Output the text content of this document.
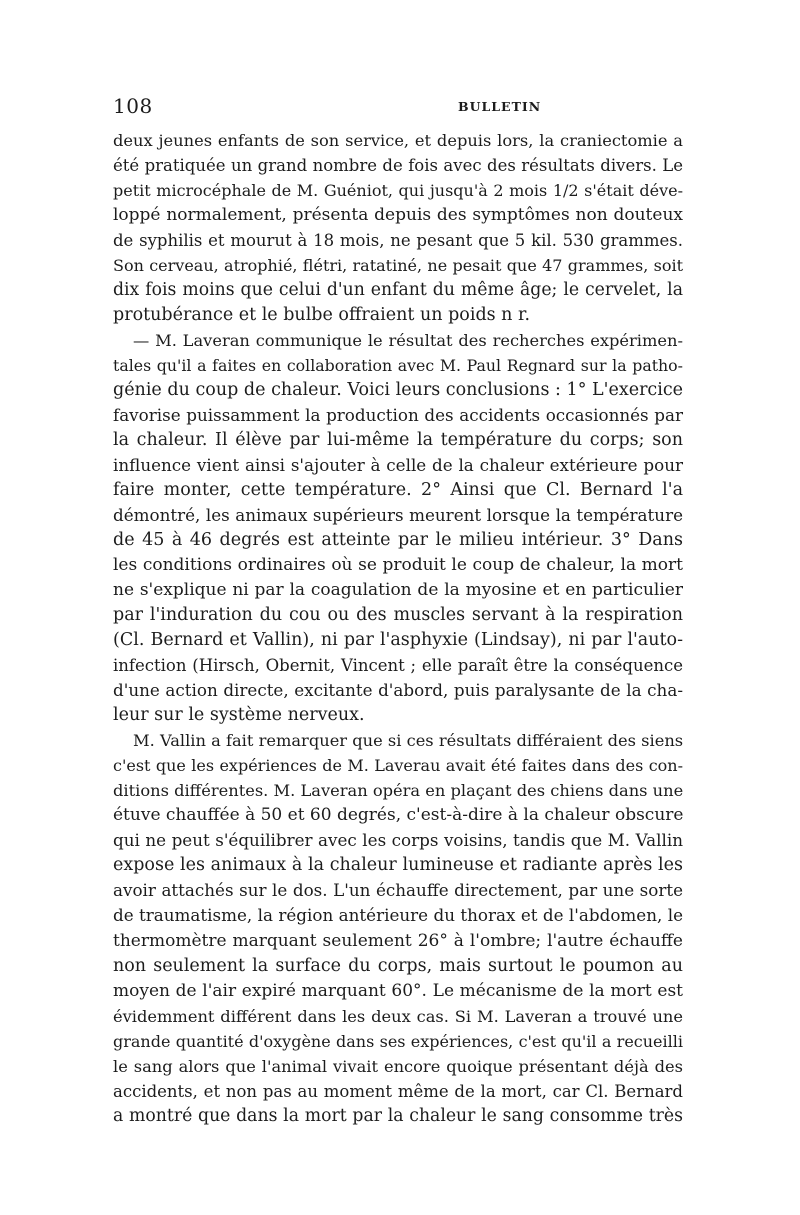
108	BULLETIN
deux jeunes enfants de son service, et depuis lors, la craniectomie a
été pratiquée un grand nombre de fois avec des résultats divers. Le
petit microcéphale de M. Guéniot, qui jusqu'à 2 mois 1/2 s'était déve-
loppé normalement, présenta depuis des symptômes non douteux
de syphilis et mourut à 18 mois, ne pesant que 5 kil. 530 grammes.
Son cerveau, atrophié, flétri, ratatiné, ne pesait que 47 grammes, soit
dix fois moins que celui d'un enfant du même âge; le cervelet, la
protubérance et le bulbe offraient un poids n r.
— M. Laveran communique le résultat des recherches expérimen-
tales qu'il a faites en collaboration avec M. Paul Regnard sur la patho-
génie du coup de chaleur. Voici leurs conclusions : 1° L'exercice
favorise puissamment la production des accidents occasionnés par
la chaleur. Il élève par lui-même la température du corps; son
influence vient ainsi s'ajouter à celle de la chaleur extérieure pour
faire monter, cette température. 2° Ainsi que Cl. Bernard l'a
démontré, les animaux supérieurs meurent lorsque la température
de 45 à 46 degrés est atteinte par le milieu intérieur. 3° Dans
les conditions ordinaires où se produit le coup de chaleur, la mort
ne s'explique ni par la coagulation de la myosine et en particulier
par l'induration du cou ou des muscles servant à la respiration
(Cl. Bernard et Vallin), ni par l'asphyxie (Lindsay), ni par l'auto-
infection (Hirsch, Obernit, Vincent ; elle paraît être la conséquence
d'une action directe, excitante d'abord, puis paralysante de la cha-
leur sur le système nerveux.
M. Vallin a fait remarquer que si ces résultats différaient des siens
c'est que les expériences de M. Laverau avait été faites dans des con-
ditions différentes. M. Laveran opéra en plaçant des chiens dans une
étuve chauffée à 50 et 60 degrés, c'est-à-dire à la chaleur obscure
qui ne peut s'équilibrer avec les corps voisins, tandis que M. Vallin
expose les animaux à la chaleur lumineuse et radiante après les
avoir attachés sur le dos. L'un échauffe directement, par une sorte
de traumatisme, la région antérieure du thorax et de l'abdomen, le
thermomètre marquant seulement 26° à l'ombre; l'autre échauffe
non seulement la surface du corps, mais surtout le poumon au
moyen de l'air expiré marquant 60°. Le mécanisme de la mort est
évidemment différent dans les deux cas. Si M. Laveran a trouvé une
grande quantité d'oxygène dans ses expériences, c'est qu'il a recueilli
le sang alors que l'animal vivait encore quoique présentant déjà des
accidents, et non pas au moment même de la mort, car Cl. Bernard
a montré que dans la mort par la chaleur le sang consomme très
